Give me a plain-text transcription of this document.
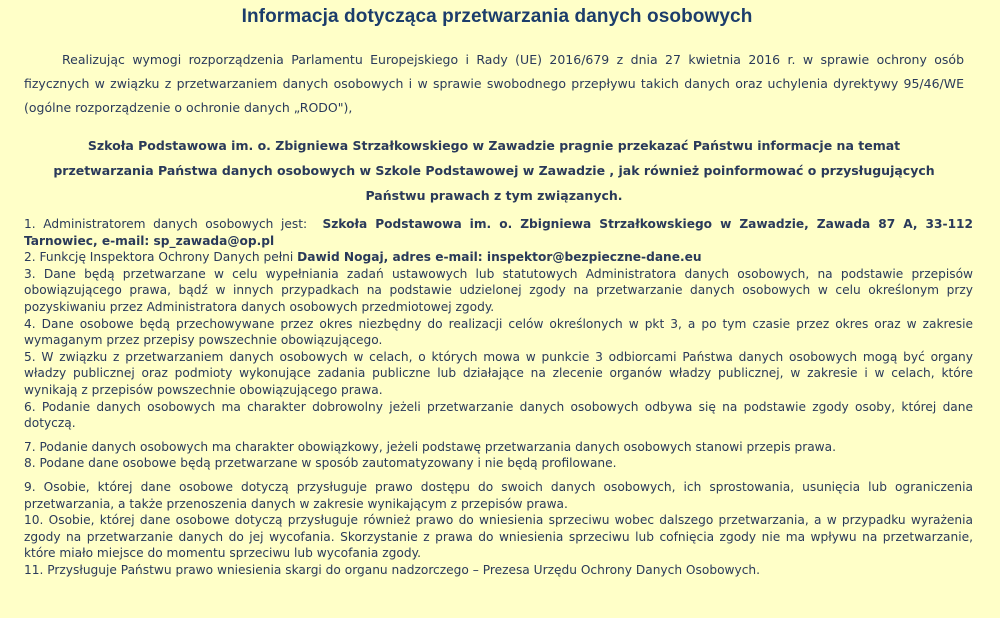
Informacja dotycząca przetwarzania danych osobowych
Realizując wymogi rozporządzenia Parlamentu Europejskiego i Rady (UE) 2016/679 z dnia 27 kwietnia 2016 r. w sprawie ochrony osób fizycznych w związku z przetwarzaniem danych osobowych i w sprawie swobodnego przepływu takich danych oraz uchylenia dyrektywy 95/46/WE (ogólne rozporządzenie o ochronie danych „RODO"),
Szkoła Podstawowa im. o. Zbigniewa Strzałkowskiego w Zawadzie pragnie przekazać Państwu informacje na temat
przetwarzania Państwa danych osobowych w Szkole Podstawowej w Zawadzie , jak również poinformować o przysługujących
Państwu prawach z tym związanych.

1. Administratorem danych osobowych jest: Szkoła Podstawowa im. o. Zbigniewa Strzałkowskiego w Zawadzie, Zawada 87 A, 33-112 Tarnowiec, e-mail: sp_zawada@op.pl

2. Funkcję Inspektora Ochrony Danych pełni Dawid Nogaj, adres e-mail: inspektor@bezpieczne-dane.eu

3. Dane będą przetwarzane w celu wypełniania zadań ustawowych lub statutowych Administratora danych osobowych, na podstawie przepisów obowiązującego prawa, bądź w innych przypadkach na podstawie udzielonej zgody na przetwarzanie danych osobowych w celu określonym przy pozyskiwaniu przez Administratora danych osobowych przedmiotowej zgody.

4. Dane osobowe będą przechowywane przez okres niezbędny do realizacji celów określonych w pkt 3, a po tym czasie przez okres oraz w zakresie wymaganym przez przepisy powszechnie obowiązującego.

5. W związku z przetwarzaniem danych osobowych w celach, o których mowa w punkcie 3 odbiorcami Państwa danych osobowych mogą być organy władzy publicznej oraz podmioty wykonujące zadania publiczne lub działające na zlecenie organów władzy publicznej, w zakresie i w celach, które wynikają z przepisów powszechnie obowiązującego prawa.

6. Podanie danych osobowych ma charakter dobrowolny jeżeli przetwarzanie danych osobowych odbywa się na podstawie zgody osoby, której dane dotyczą.

7. Podanie danych osobowych ma charakter obowiązkowy, jeżeli podstawę przetwarzania danych osobowych stanowi przepis prawa.

8. Podane dane osobowe będą przetwarzane w sposób zautomatyzowany i nie będą profilowane.

9. Osobie, której dane osobowe dotyczą przysługuje prawo dostępu do swoich danych osobowych, ich sprostowania, usunięcia lub ograniczenia przetwarzania, a także przenoszenia danych w zakresie wynikającym z przepisów prawa.

10. Osobie, której dane osobowe dotyczą przysługuje również prawo do wniesienia sprzeciwu wobec dalszego przetwarzania, a w przypadku wyrażenia zgody na przetwarzanie danych do jej wycofania. Skorzystanie z prawa do wniesienia sprzeciwu lub cofnięcia zgody nie ma wpływu na przetwarzanie, które miało miejsce do momentu sprzeciwu lub wycofania zgody.

11. Przysługuje Państwu prawo wniesienia skargi do organu nadzorczego – Prezesa Urzędu Ochrony Danych Osobowych.
